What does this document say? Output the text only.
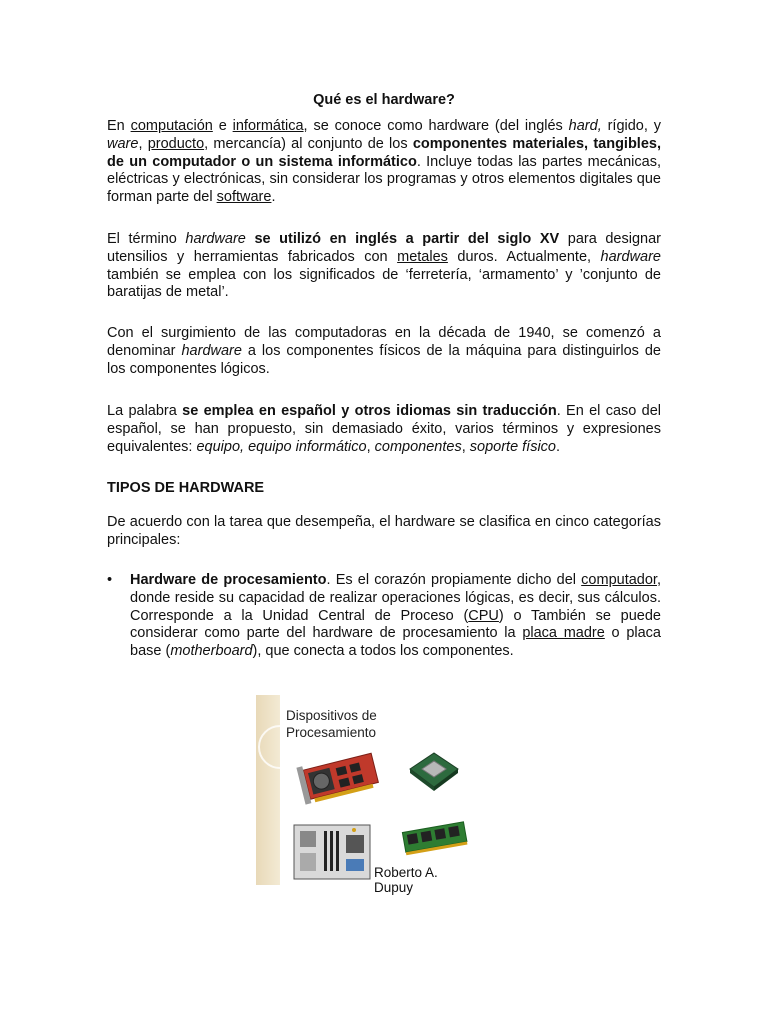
Qué es el hardware?

En computación e informática, se conoce como hardware (del inglés hard, rígido, y ware, producto, mercancía) al conjunto de los componentes materiales, tangibles, de un computador o un sistema informático. Incluye todas las partes mecánicas, eléctricas y electrónicas, sin considerar los programas y otros elementos digitales que forman parte del software.

El término hardware se utilizó en inglés a partir del siglo XV para designar utensilios y herramientas fabricados con metales duros. Actualmente, hardware también se emplea con los significados de ‘ferretería, ‘armamento’ y ’conjunto de baratijas de metal’.

Con el surgimiento de las computadoras en la década de 1940, se comenzó a denominar hardware a los componentes físicos de la máquina para distinguirlos de los componentes lógicos.

La palabra se emplea en español y otros idiomas sin traducción. En el caso del español, se han propuesto, sin demasiado éxito, varios términos y expresiones equivalentes: equipo, equipo informático, componentes, soporte físico.

TIPOS DE HARDWARE

De acuerdo con la tarea que desempeña, el hardware se clasifica en cinco categorías principales:

•	Hardware de procesamiento. Es el corazón propiamente dicho del computador, donde reside su capacidad de realizar operaciones lógicas, es decir, sus cálculos. Corresponde a la Unidad Central de Proceso (CPU) o También se puede considerar como parte del hardware de procesamiento la placa madre o placa base (motherboard), que conecta a todos los componentes.
Dispositivos de
Procesamiento
Roberto A. Dupuy
